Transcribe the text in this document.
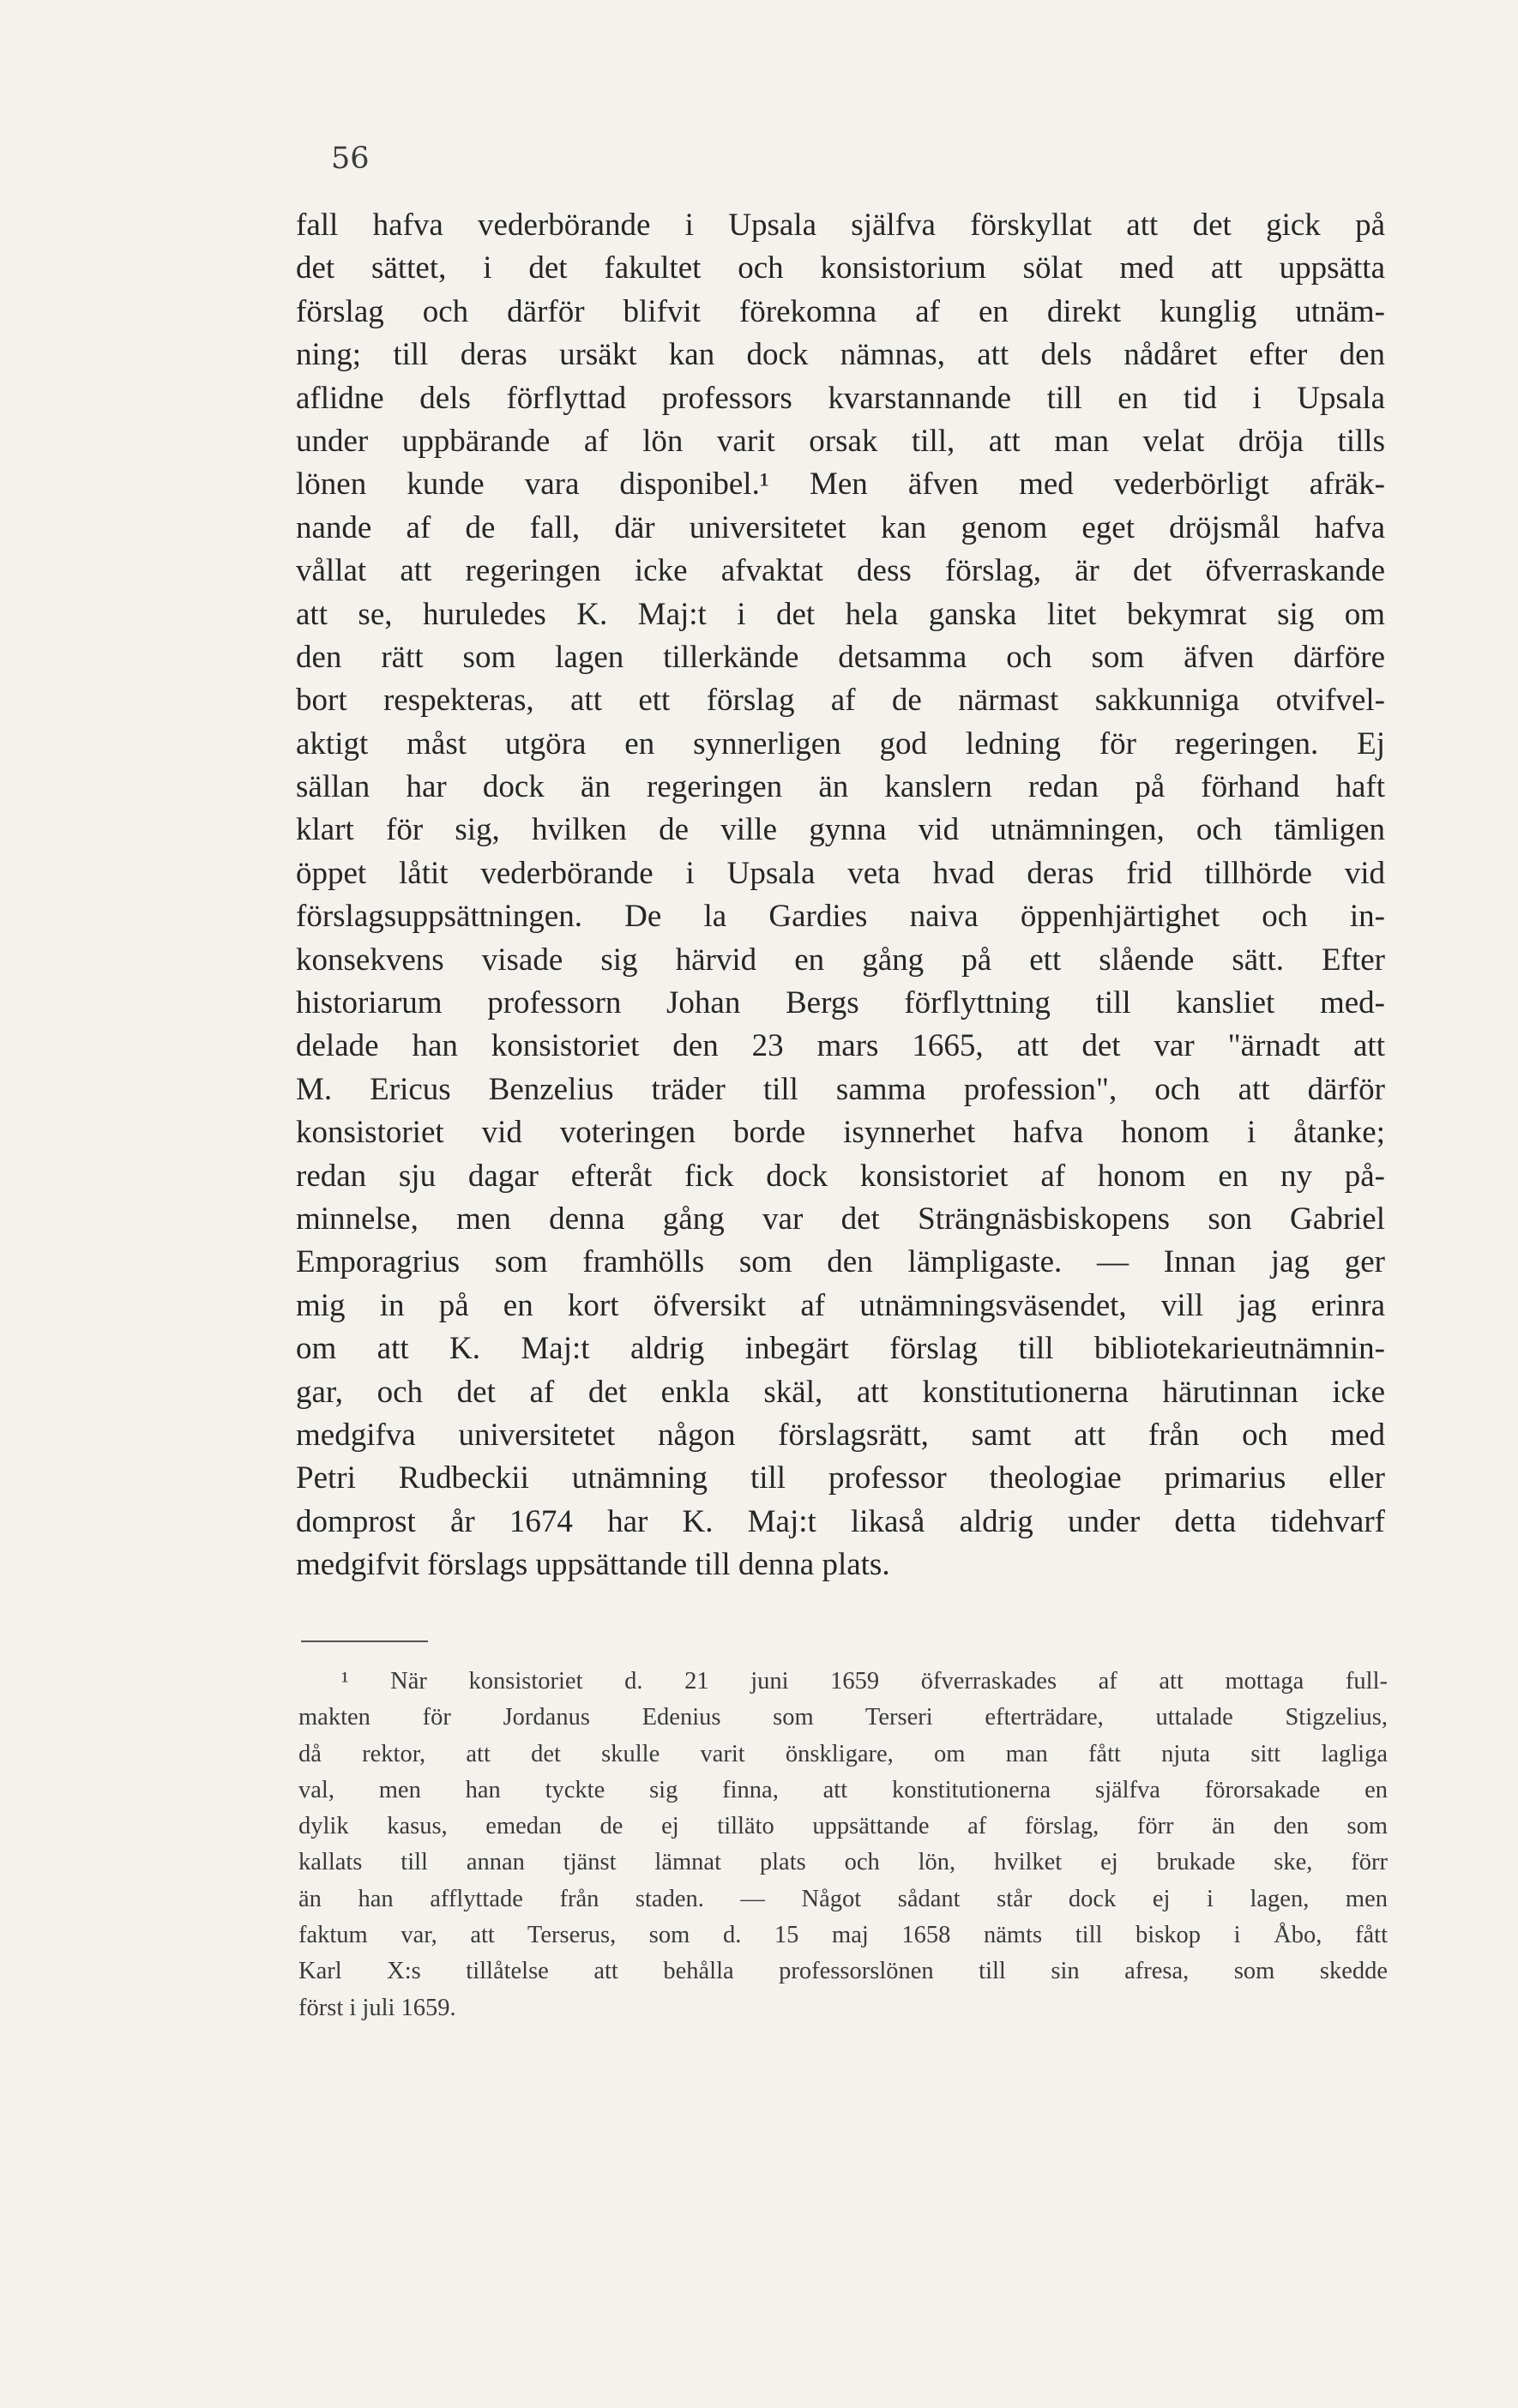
56
fall hafva vederbörande i Upsala själfva förskyllat att det gick på
det sättet, i det fakultet och konsistorium sölat med att uppsätta
förslag och därför blifvit förekomna af en direkt kunglig utnäm-
ning; till deras ursäkt kan dock nämnas, att dels nådåret efter den
aflidne dels förflyttad professors kvarstannande till en tid i Upsala
under uppbärande af lön varit orsak till, att man velat dröja tills
lönen kunde vara disponibel.¹ Men äfven med vederbörligt afräk-
nande af de fall, där universitetet kan genom eget dröjsmål hafva
vållat att regeringen icke afvaktat dess förslag, är det öfverraskande
att se, huruledes K. Maj:t i det hela ganska litet bekymrat sig om
den rätt som lagen tillerkände detsamma och som äfven därföre
bort respekteras, att ett förslag af de närmast sakkunniga otvifvel-
aktigt måst utgöra en synnerligen god ledning för regeringen. Ej
sällan har dock än regeringen än kanslern redan på förhand haft
klart för sig, hvilken de ville gynna vid utnämningen, och tämligen
öppet låtit vederbörande i Upsala veta hvad deras frid tillhörde vid
förslagsuppsättningen. De la Gardies naiva öppenhjärtighet och in-
konsekvens visade sig härvid en gång på ett slående sätt. Efter
historiarum professorn Johan Bergs förflyttning till kansliet med-
delade han konsistoriet den 23 mars 1665, att det var "ärnadt att
M. Ericus Benzelius träder till samma profession", och att därför
konsistoriet vid voteringen borde isynnerhet hafva honom i åtanke;
redan sju dagar efteråt fick dock konsistoriet af honom en ny på-
minnelse, men denna gång var det Strängnäsbiskopens son Gabriel
Emporagrius som framhölls som den lämpligaste. — Innan jag ger
mig in på en kort öfversikt af utnämningsväsendet, vill jag erinra
om att K. Maj:t aldrig inbegärt förslag till bibliotekarieutnämnin-
gar, och det af det enkla skäl, att konstitutionerna härutinnan icke
medgifva universitetet någon förslagsrätt, samt att från och med
Petri Rudbeckii utnämning till professor theologiae primarius eller
domprost år 1674 har K. Maj:t likaså aldrig under detta tidehvarf
medgifvit förslags uppsättande till denna plats.
¹ När konsistoriet d. 21 juni 1659 öfverraskades af att mottaga full-
makten för Jordanus Edenius som Terseri efterträdare, uttalade Stigzelius,
då rektor, att det skulle varit önskligare, om man fått njuta sitt lagliga
val, men han tyckte sig finna, att konstitutionerna själfva förorsakade en
dylik kasus, emedan de ej tilläto uppsättande af förslag, förr än den som
kallats till annan tjänst lämnat plats och lön, hvilket ej brukade ske, förr
än han afflyttade från staden. — Något sådant står dock ej i lagen, men
faktum var, att Terserus, som d. 15 maj 1658 nämts till biskop i Åbo, fått
Karl X:s tillåtelse att behålla professorslönen till sin afresa, som skedde
först i juli 1659.
